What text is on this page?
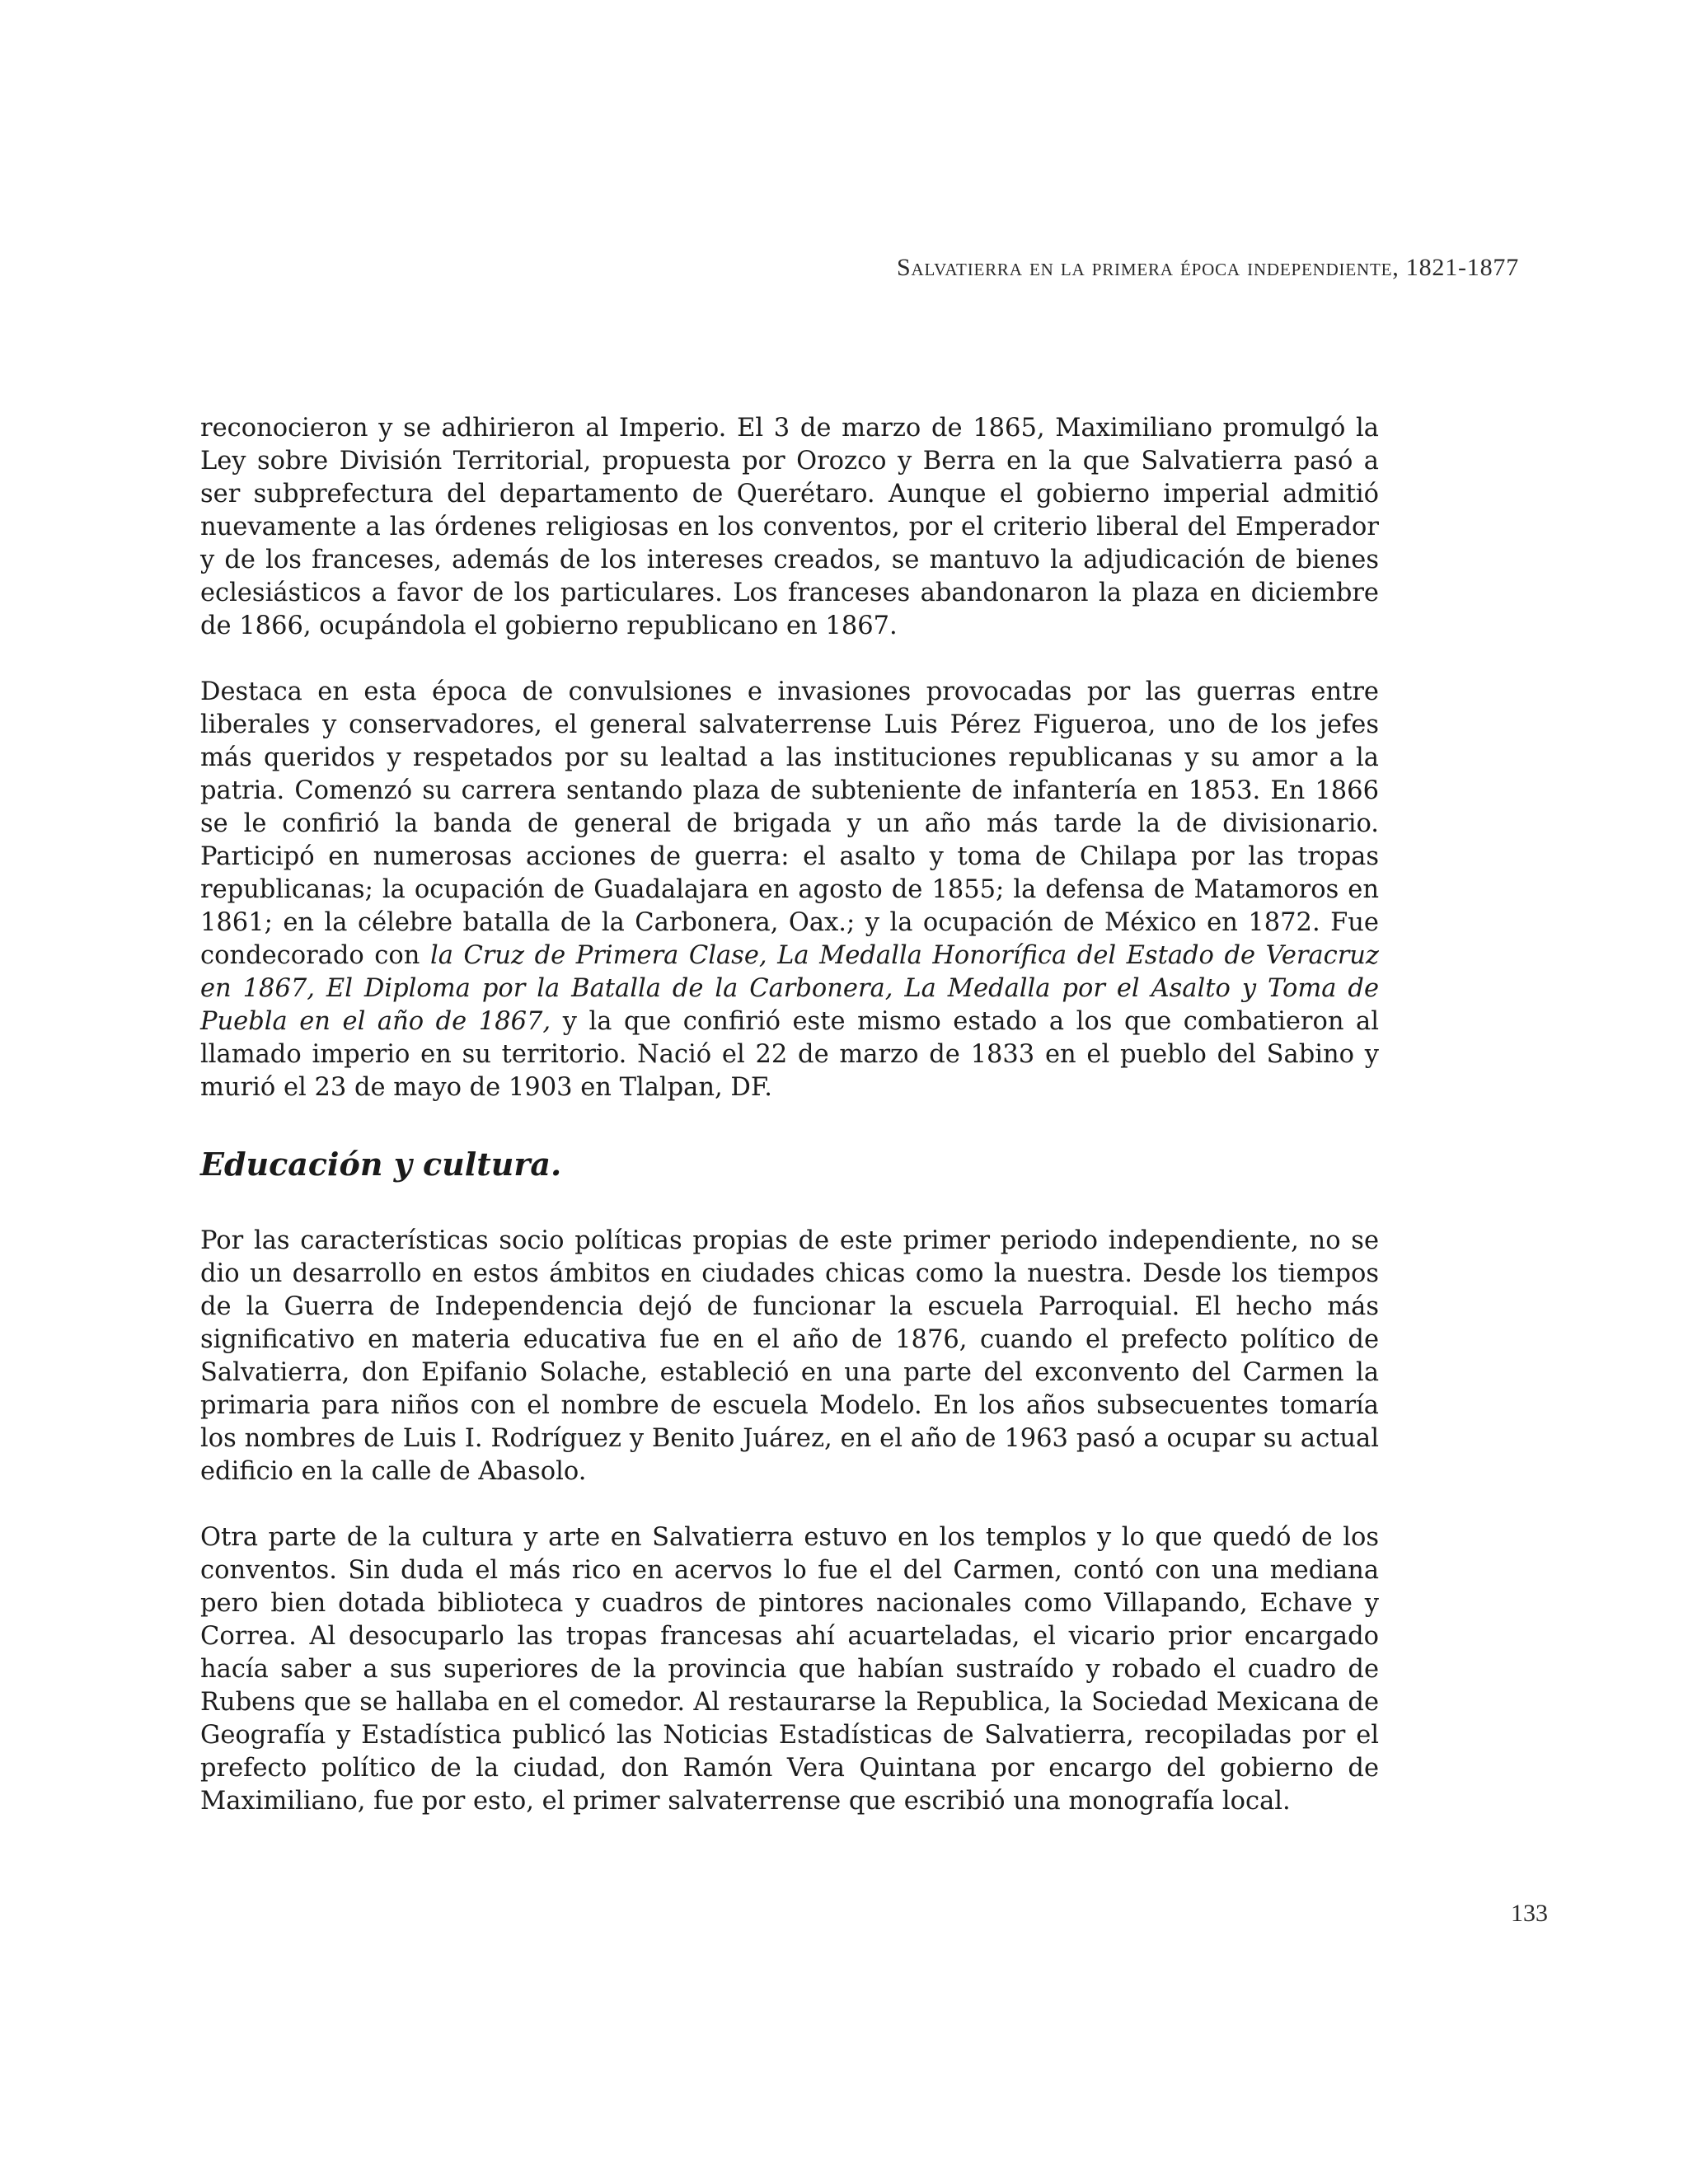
Salvatierra en la primera época independiente, 1821-1877

reconocieron y se adhirieron al Imperio. El 3 de marzo de 1865, Maximiliano promulgó la Ley sobre División Territorial, propuesta por Orozco y Berra en la que Salvatierra pasó a ser subprefectura del departamento de Querétaro. Aunque el gobierno imperial admitió nuevamente a las órdenes religiosas en los conventos, por el criterio liberal del Emperador y de los franceses, además de los intereses creados, se mantuvo la adjudicación de bienes eclesiásticos a favor de los particulares. Los franceses abandonaron la plaza en diciembre de 1866, ocupándola el gobierno republicano en 1867.

Destaca en esta época de convulsiones e invasiones provocadas por las guerras entre liberales y conservadores, el general salvaterrense Luis Pérez Figueroa, uno de los jefes más queridos y respetados por su lealtad a las instituciones republicanas y su amor a la patria. Comenzó su carrera sentando plaza de subteniente de infantería en 1853. En 1866 se le confirió la banda de general de brigada y un año más tarde la de divisionario. Participó en numerosas acciones de guerra: el asalto y toma de Chilapa por las tropas republicanas; la ocupación de Guadalajara en agosto de 1855; la defensa de Matamoros en 1861; en la célebre batalla de la Carbonera, Oax.; y la ocupación de México en 1872. Fue condecorado con la Cruz de Primera Clase, La Medalla Honorífica del Estado de Veracruz en 1867, El Diploma por la Batalla de la Carbonera, La Medalla por el Asalto y Toma de Puebla en el año de 1867, y la que confirió este mismo estado a los que combatieron al llamado imperio en su territorio. Nació el 22 de marzo de 1833 en el pueblo del Sabino y murió el 23 de mayo de 1903 en Tlalpan, DF.

Educación y cultura.

Por las características socio políticas propias de este primer periodo independiente, no se dio un desarrollo en estos ámbitos en ciudades chicas como la nuestra. Desde los tiempos de la Guerra de Independencia dejó de funcionar la escuela Parroquial. El hecho más significativo en materia educativa fue en el año de 1876, cuando el prefecto político de Salvatierra, don Epifanio Solache, estableció en una parte del exconvento del Carmen la primaria para niños con el nombre de escuela Modelo. En los años subsecuentes tomaría los nombres de Luis I. Rodríguez y Benito Juárez, en el año de 1963 pasó a ocupar su actual edificio en la calle de Abasolo.

Otra parte de la cultura y arte en Salvatierra estuvo en los templos y lo que quedó de los conventos. Sin duda el más rico en acervos lo fue el del Carmen, contó con una mediana pero bien dotada biblioteca y cuadros de pintores nacionales como Villapando, Echave y Correa. Al desocuparlo las tropas francesas ahí acuarteladas, el vicario prior encargado hacía saber a sus superiores de la provincia que habían sustraído y robado el cuadro de Rubens que se hallaba en el comedor. Al restaurarse la Republica, la Sociedad Mexicana de Geografía y Estadística publicó las Noticias Estadísticas de Salvatierra, recopiladas por el prefecto político de la ciudad, don Ramón Vera Quintana por encargo del gobierno de Maximiliano, fue por esto, el primer salvaterrense que escribió una monografía local.

133
